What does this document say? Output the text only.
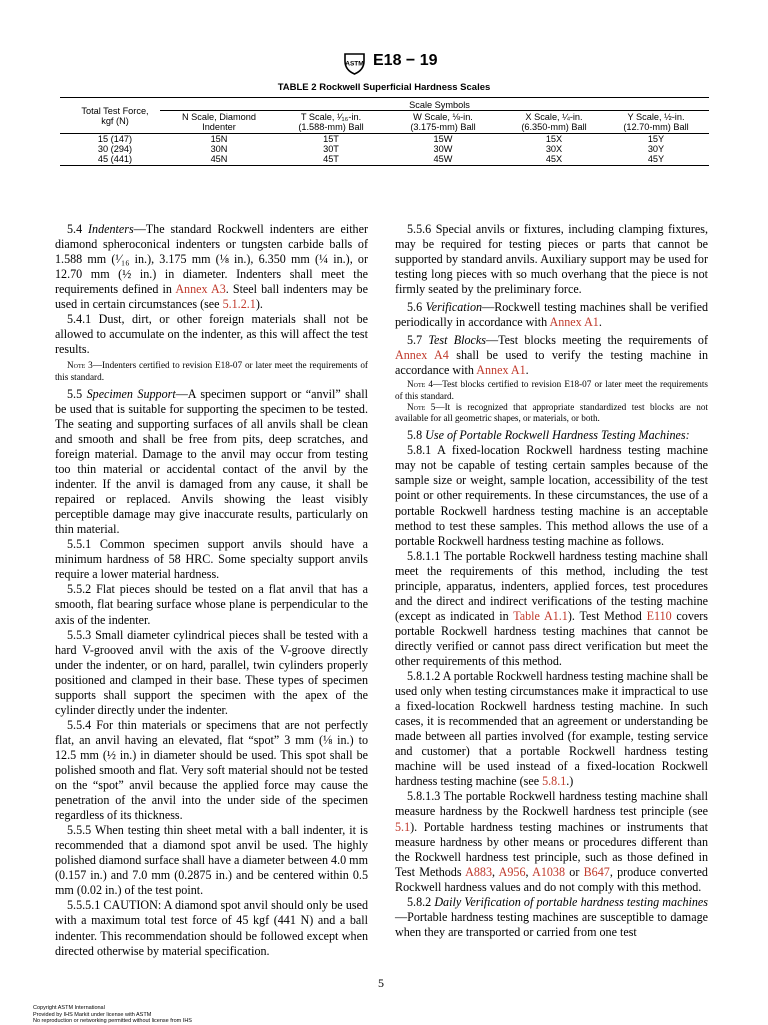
ASTM E18 − 19
TABLE 2 Rockwell Superficial Hardness Scales
Scale Symbols
Total Test Force,
kgf (N)	N Scale, Diamond
Indenter
T Scale, ¹⁄₁₆-in.
(1.588-mm) Ball
W Scale, ⅛-in.
(3.175-mm) Ball
X Scale, ¼-in.
(6.350-mm) Ball
Y Scale, ½-in.
(12.70-mm) Ball
15 (147)
30 (294)
45 (441)
15N
30N
45N
15T
30T
45T
15W
30W
45W
15X
30X
45X
15Y
30Y
45Y

5.4 Indenters—The standard Rockwell indenters are either diamond spheroconical indenters or tungsten carbide balls of 1.588 mm (¹⁄₁₆ in.), 3.175 mm (⅛ in.), 6.350 mm (¼ in.), or 12.70 mm (½ in.) in diameter. Indenters shall meet the requirements defined in Annex A3. Steel ball indenters may be used in certain circumstances (see 5.1.2.1).

5.4.1 Dust, dirt, or other foreign materials shall not be allowed to accumulate on the indenter, as this will affect the test results.

Note 3—Indenters certified to revision E18-07 or later meet the requirements of this standard.

5.5 Specimen Support—A specimen support or “anvil” shall be used that is suitable for supporting the specimen to be tested. The seating and supporting surfaces of all anvils shall be clean and smooth and shall be free from pits, deep scratches, and foreign material. Damage to the anvil may occur from testing too thin material or accidental contact of the anvil by the indenter. If the anvil is damaged from any cause, it shall be repaired or replaced. Anvils showing the least visibly perceptible damage may give inaccurate results, particularly on thin material.

5.5.1 Common specimen support anvils should have a minimum hardness of 58 HRC. Some specialty support anvils require a lower material hardness.

5.5.2 Flat pieces should be tested on a flat anvil that has a smooth, flat bearing surface whose plane is perpendicular to the axis of the indenter.

5.5.3 Small diameter cylindrical pieces shall be tested with a hard V-grooved anvil with the axis of the V-groove directly under the indenter, or on hard, parallel, twin cylinders properly positioned and clamped in their base. These types of specimen supports shall support the specimen with the apex of the cylinder directly under the indenter.

5.5.4 For thin materials or specimens that are not perfectly flat, an anvil having an elevated, flat “spot” 3 mm (⅛ in.) to 12.5 mm (½ in.) in diameter should be used. This spot shall be polished smooth and flat. Very soft material should not be tested on the “spot” anvil because the applied force may cause the penetration of the anvil into the under side of the specimen regardless of its thickness.

5.5.5 When testing thin sheet metal with a ball indenter, it is recommended that a diamond spot anvil be used. The highly polished diamond surface shall have a diameter between 4.0 mm (0.157 in.) and 7.0 mm (0.2875 in.) and be centered within 0.5 mm (0.02 in.) of the test point.

5.5.5.1 CAUTION: A diamond spot anvil should only be used with a maximum total test force of 45 kgf (441 N) and a ball indenter. This recommendation should be followed except when directed otherwise by material specification.

5.5.6 Special anvils or fixtures, including clamping fixtures, may be required for testing pieces or parts that cannot be supported by standard anvils. Auxiliary support may be used for testing long pieces with so much overhang that the piece is not firmly seated by the preliminary force.

5.6 Verification—Rockwell testing machines shall be verified periodically in accordance with Annex A1.

5.7 Test Blocks—Test blocks meeting the requirements of Annex A4 shall be used to verify the testing machine in accordance with Annex A1.

Note 4—Test blocks certified to revision E18-07 or later meet the requirements of this standard.

Note 5—It is recognized that appropriate standardized test blocks are not available for all geometric shapes, or materials, or both.

5.8 Use of Portable Rockwell Hardness Testing Machines:

5.8.1 A fixed-location Rockwell hardness testing machine may not be capable of testing certain samples because of the sample size or weight, sample location, accessibility of the test point or other requirements. In these circumstances, the use of a portable Rockwell hardness testing machine is an acceptable method to test these samples. This method allows the use of a portable Rockwell hardness testing machine as follows.

5.8.1.1 The portable Rockwell hardness testing machine shall meet the requirements of this method, including the test principle, apparatus, indenters, applied forces, test procedures and the direct and indirect verifications of the testing machine (except as indicated in Table A1.1). Test Method E110 covers portable Rockwell hardness testing machines that cannot be directly verified or cannot pass direct verification but meet the other requirements of this method.

5.8.1.2 A portable Rockwell hardness testing machine shall be used only when testing circumstances make it impractical to use a fixed-location Rockwell hardness testing machine. In such cases, it is recommended that an agreement or understanding be made between all parties involved (for example, testing service and customer) that a portable Rockwell hardness testing machine will be used instead of a fixed-location Rockwell hardness testing machine (see 5.8.1.)

5.8.1.3 The portable Rockwell hardness testing machine shall measure hardness by the Rockwell hardness test principle (see 5.1). Portable hardness testing machines or instruments that measure hardness by other means or procedures different than the Rockwell hardness test principle, such as those defined in Test Methods A883, A956, A1038 or B647, produce converted Rockwell hardness values and do not comply with this method.

5.8.2 Daily Verification of portable hardness testing machines—Portable hardness testing machines are susceptible to damage when they are transported or carried from one test

5
Copyright ASTM International
Provided by IHS Markit under license with ASTM
No reproduction or networking permitted without license from IHS
